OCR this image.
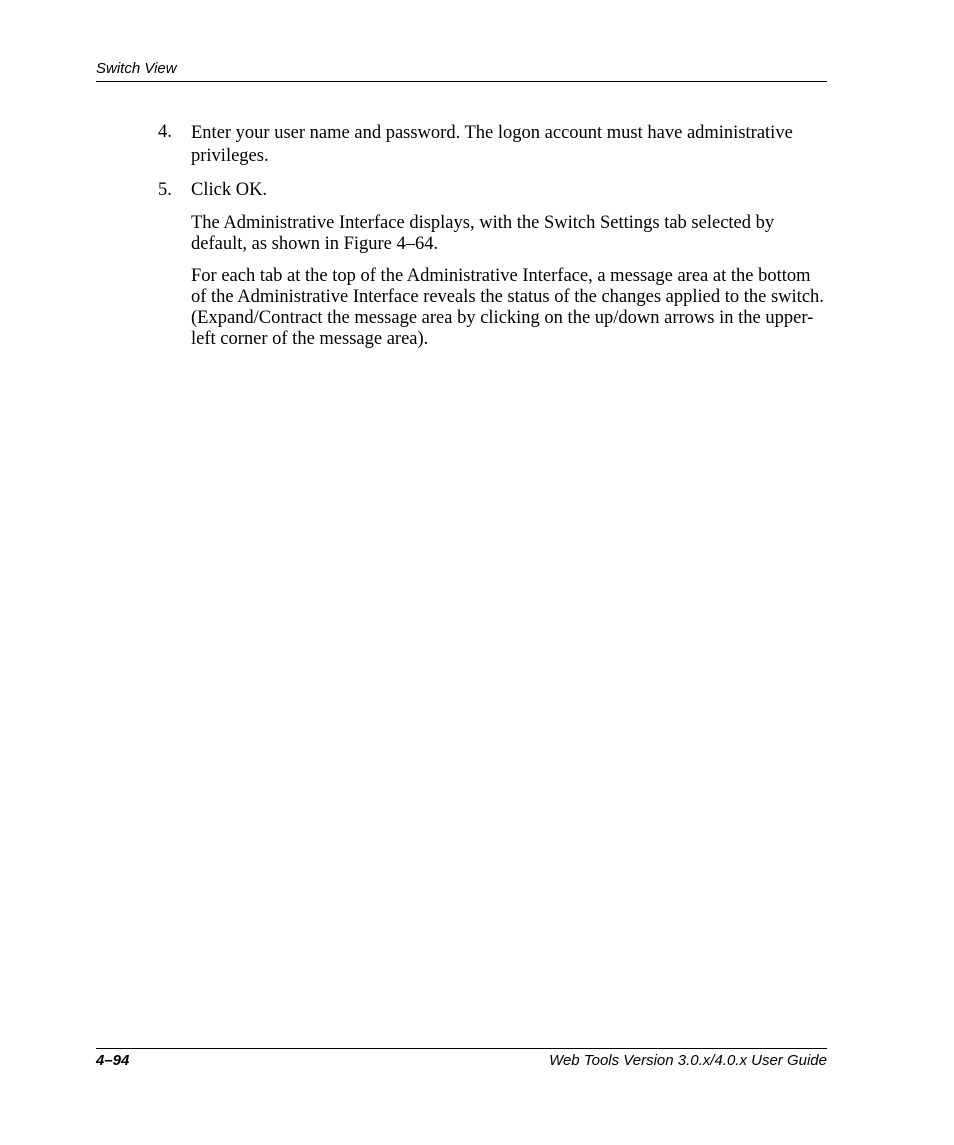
Switch View
4.	Enter your user name and password. The logon account must have administrative privileges.
5.	Click OK.

The Administrative Interface displays, with the Switch Settings tab selected by default, as shown in Figure 4–64.

For each tab at the top of the Administrative Interface, a message area at the bottom of the Administrative Interface reveals the status of the changes applied to the switch. (Expand/Contract the message area by clicking on the up/down arrows in the upper-left corner of the message area).

4–94	Web Tools Version 3.0.x/4.0.x User Guide
